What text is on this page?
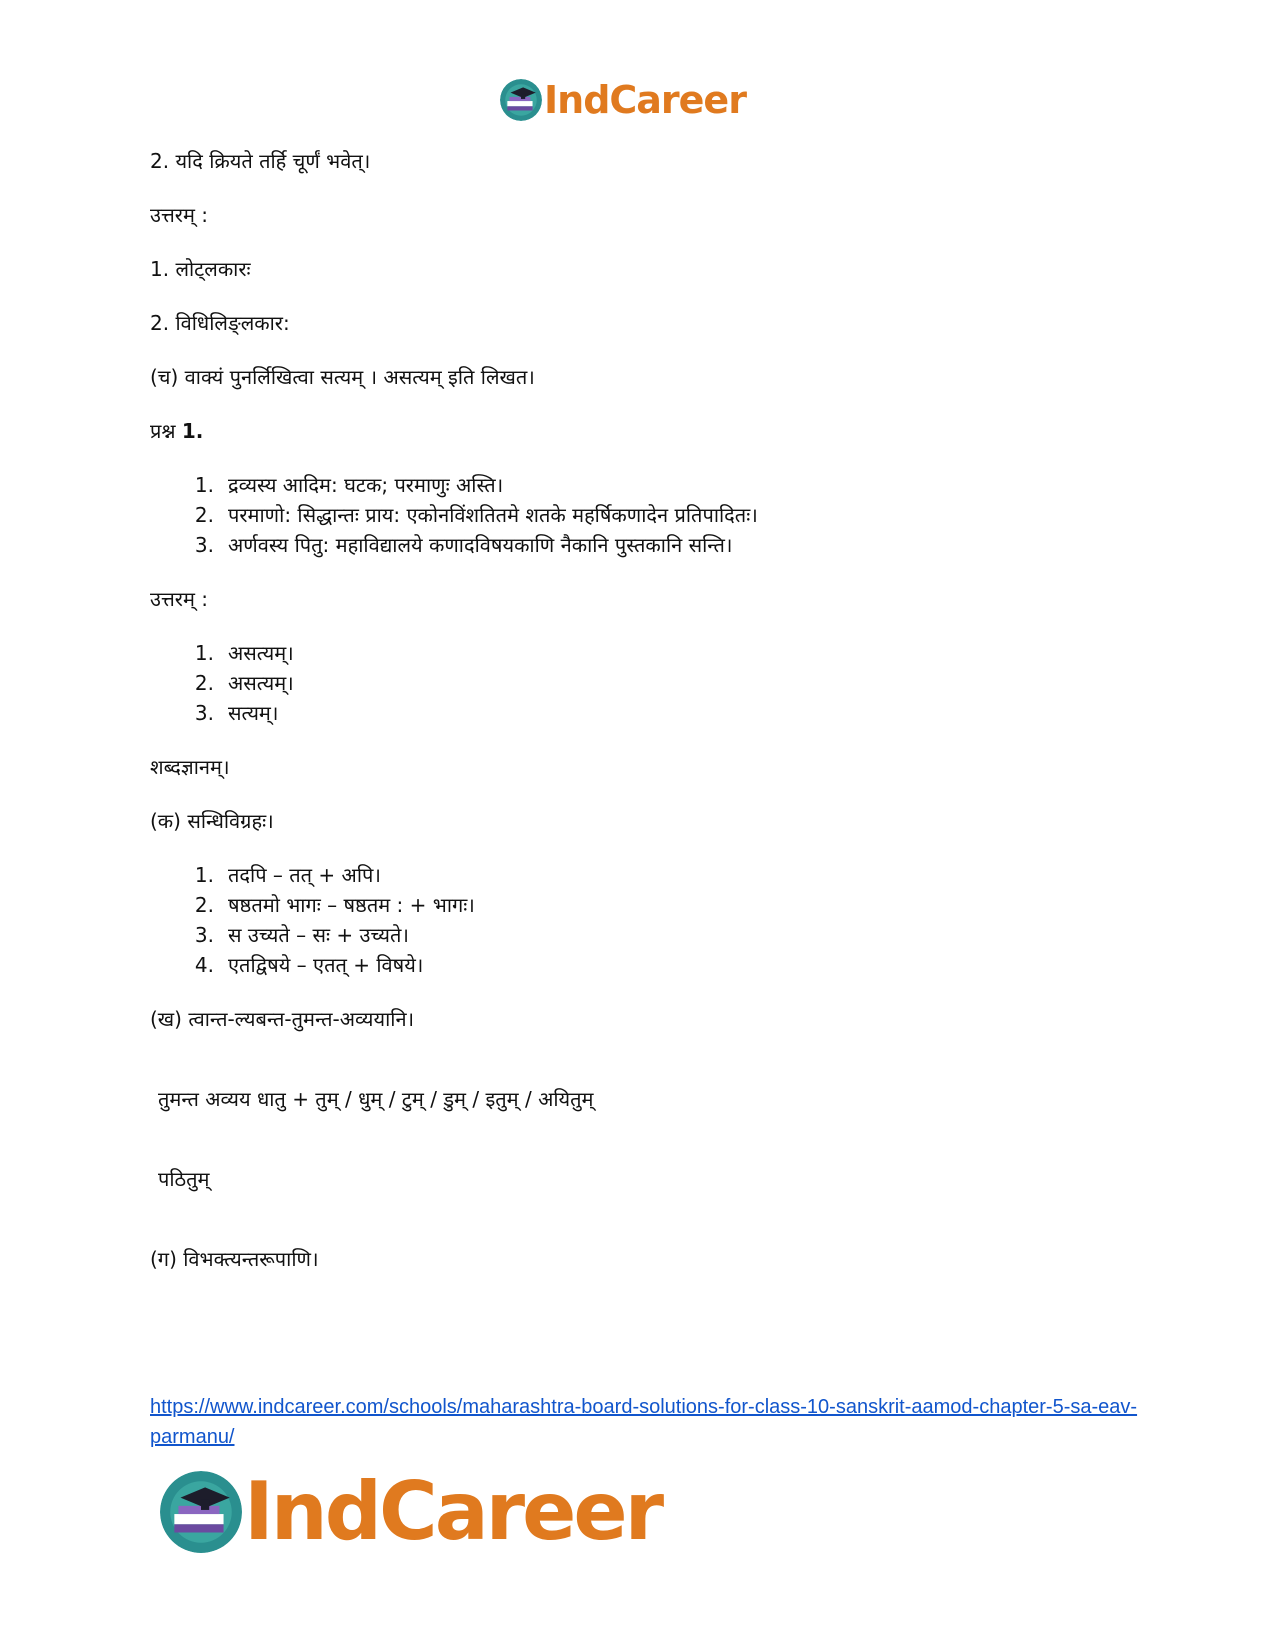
IndCareer

2. यदि क्रियते तर्हि चूर्णं भवेत्।

उत्तरम् :

1. लोट्लकारः

2. विधिलिङ्लकार:

(च) वाक्यं पुनर्लिखित्वा सत्यम् । असत्यम् इति लिखत।

प्रश्न 1.

1. द्रव्यस्य आदिम: घटक; परमाणुः अस्ति।
2. परमाणो: सिद्धान्तः प्राय: एकोनविंशतितमे शतके महर्षिकणादेन प्रतिपादितः।
3. अर्णवस्य पितु: महाविद्यालये कणादविषयकाणि नैकानि पुस्तकानि सन्ति।

उत्तरम् :

1. असत्यम्।
2. असत्यम्।
3. सत्यम्।

शब्दज्ञानम्।

(क) सन्धिविग्रहः।

1. तदपि – तत् + अपि।
2. षष्ठतमो भागः – षष्ठतम : + भागः।
3. स उच्यते – सः + उच्यते।
4. एतद्विषये – एतत् + विषये।

(ख) त्वान्त-ल्यबन्त-तुमन्त-अव्ययानि।

तुमन्त अव्यय धातु + तुम् / धुम् / टुम् / डुम् / इतुम् / अयितुम्
पठितुम्

(ग) विभक्त्यन्तरूपाणि।

https://www.indcareer.com/schools/maharashtra-board-solutions-for-class-10-sanskrit-aamod-chapter-5-sa-eav-parmanu/
IndCareer
